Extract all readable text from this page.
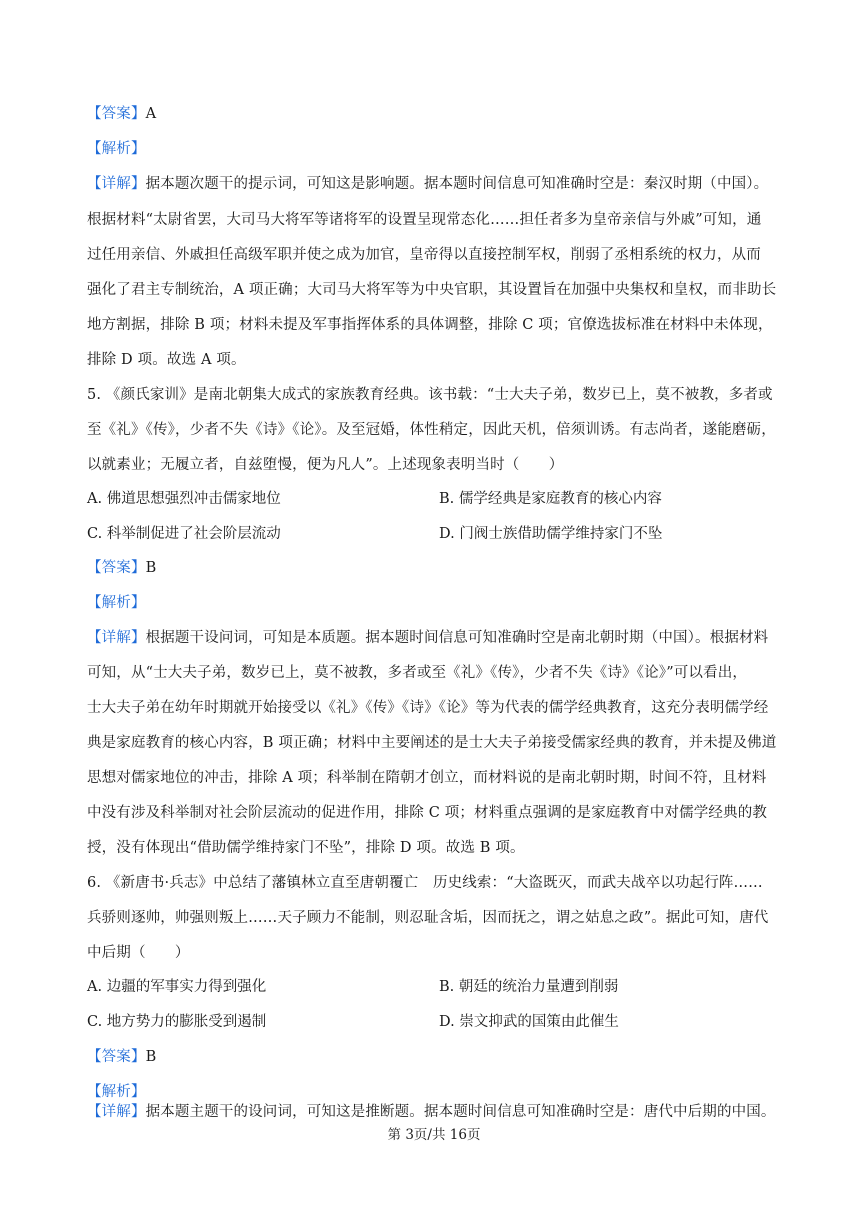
【答案】A
【解析】
【详解】据本题次题干的提示词，可知这是影响题。据本题时间信息可知准确时空是：秦汉时期（中国）。
根据材料“太尉省罢，大司马大将军等诸将军的设置呈现常态化……担任者多为皇帝亲信与外戚”可知，通
过任用亲信、外戚担任高级军职并使之成为加官，皇帝得以直接控制军权，削弱了丞相系统的权力，从而
强化了君主专制统治，A 项正确；大司马大将军等为中央官职，其设置旨在加强中央集权和皇权，而非助长
地方割据，排除 B 项；材料未提及军事指挥体系的具体调整，排除 C 项；官僚选拔标准在材料中未体现，
排除 D 项。故选 A 项。
5. 《颜氏家训》是南北朝集大成式的家族教育经典。该书载：“士大夫子弟，数岁已上，莫不被教，多者或
至《礼》《传》，少者不失《诗》《论》。及至冠婚，体性稍定，因此天机，倍须训诱。有志尚者，遂能磨砺，
以就素业；无履立者，自兹堕慢，便为凡人”。上述现象表明当时（　　）
A. 佛道思想强烈冲击儒家地位	B. 儒学经典是家庭教育的核心内容
C. 科举制促进了社会阶层流动	D. 门阀士族借助儒学维持家门不坠
【答案】B
【解析】
【详解】根据题干设问词，可知是本质题。据本题时间信息可知准确时空是南北朝时期（中国）。根据材料
可知，从“士大夫子弟，数岁已上，莫不被教，多者或至《礼》《传》，少者不失《诗》《论》”可以看出，
士大夫子弟在幼年时期就开始接受以《礼》《传》《诗》《论》等为代表的儒学经典教育，这充分表明儒学经
典是家庭教育的核心内容，B 项正确；材料中主要阐述的是士大夫子弟接受儒家经典的教育，并未提及佛道
思想对儒家地位的冲击，排除 A 项；科举制在隋朝才创立，而材料说的是南北朝时期，时间不符，且材料
中没有涉及科举制对社会阶层流动的促进作用，排除 C 项；材料重点强调的是家庭教育中对儒学经典的教
授，没有体现出“借助儒学维持家门不坠”，排除 D 项。故选 B 项。
6. 《新唐书·兵志》中总结了藩镇林立直至唐朝覆亡　历史线索：“大盗既灭，而武夫战卒以功起行阵……
兵骄则逐帅，帅强则叛上……天子顾力不能制，则忍耻含垢，因而抚之，谓之姑息之政”。据此可知，唐代
中后期（　　）
A. 边疆的军事实力得到强化	B. 朝廷的统治力量遭到削弱
C. 地方势力的膨胀受到遏制	D. 崇文抑武的国策由此催生
【答案】B
【解析】
【详解】据本题主题干的设问词，可知这是推断题。据本题时间信息可知准确时空是：唐代中后期的中国。
第 3页/共 16页
